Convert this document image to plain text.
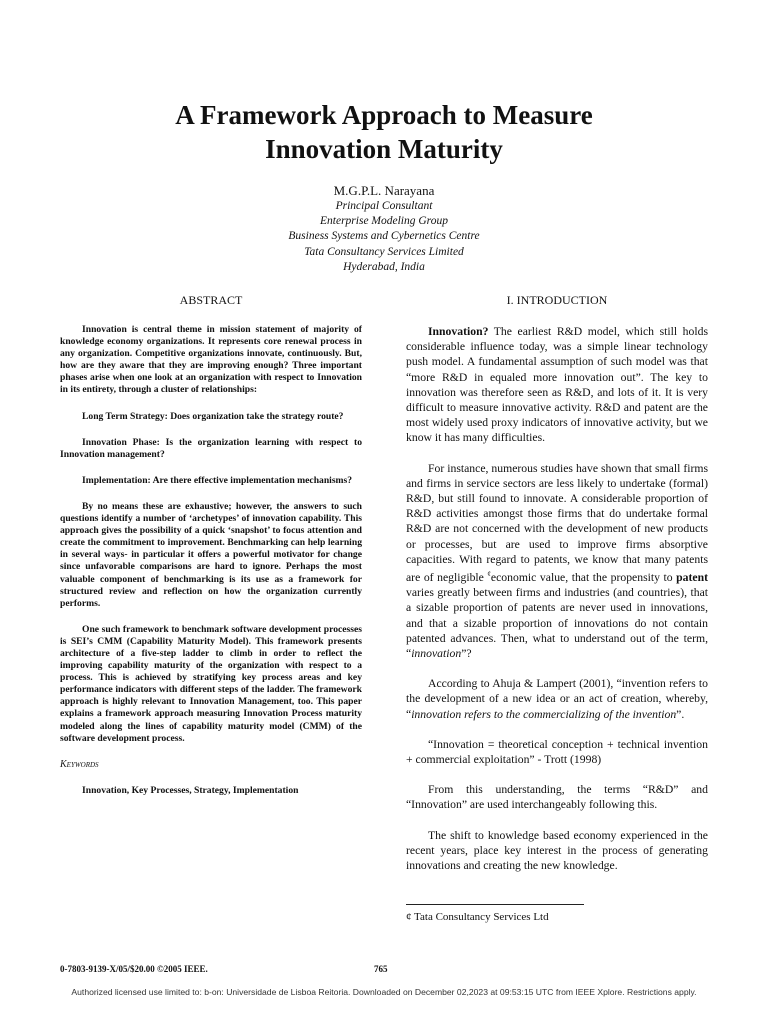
A Framework Approach to Measure
Innovation Maturity
M.G.P.L. Narayana
Principal Consultant
Enterprise Modeling Group
Business Systems and Cybernetics Centre
Tata Consultancy Services Limited
Hyderabad, India
ABSTRACT

Innovation is central theme in mission statement of majority of knowledge economy organizations. It represents core renewal process in any organization. Competitive organizations innovate, continuously. But, how are they aware that they are improving enough? Three important phases arise when one look at an organization with respect to Innovation in its entirety, through a cluster of relationships:

Long Term Strategy: Does organization take the strategy route?

Innovation Phase: Is the organization learning with respect to Innovation management?

Implementation: Are there effective implementation mechanisms?

By no means these are exhaustive; however, the answers to such questions identify a number of ‘archetypes’ of innovation capability. This approach gives the possibility of a quick ‘snapshot’ to focus attention and create the commitment to improvement. Benchmarking can help learning in several ways- in particular it offers a powerful motivator for change since unfavorable comparisons are hard to ignore. Perhaps the most valuable component of benchmarking is its use as a framework for structured review and reflection on how the organization currently performs.

One such framework to benchmark software development processes is SEI’s CMM (Capability Maturity Model). This framework presents architecture of a five-step ladder to climb in order to reflect the improving capability maturity of the organization with respect to a process. This is achieved by stratifying key process areas and key performance indicators with different steps of the ladder. The framework approach is highly relevant to Innovation Management, too. This paper explains a framework approach measuring Innovation Process maturity modeled along the lines of capability maturity model (CMM) of the software development process.

Keywords
Innovation, Key Processes, Strategy, Implementation
I. INTRODUCTION

Innovation? The earliest R&D model, which still holds considerable influence today, was a simple linear technology push model. A fundamental assumption of such model was that “more R&D in equaled more innovation out”. The key to innovation was therefore seen as R&D, and lots of it. It is very difficult to measure innovative activity. R&D and patent are the most widely used proxy indicators of innovative activity, but we know it has many difficulties.

For instance, numerous studies have shown that small firms and firms in service sectors are less likely to undertake (formal) R&D, but still found to innovate. A considerable proportion of R&D activities amongst those firms that do undertake formal R&D are not concerned with the development of new products or processes, but are used to improve firms absorptive capacities. With regard to patents, we know that many patents are of negligible ¢economic value, that the propensity to patent varies greatly between firms and industries (and countries), that a sizable proportion of patents are never used in innovations, and that a sizable proportion of innovations do not contain patented advances. Then, what to understand out of the term, “innovation”?

According to Ahuja & Lampert (2001), “invention refers to the development of a new idea or an act of creation, whereby, “innovation refers to the commercializing of the invention”.

“Innovation = theoretical conception + technical invention + commercial exploitation” - Trott (1998)

From this understanding, the terms “R&D” and “Innovation” are used interchangeably following this.

The shift to knowledge based economy experienced in the recent years, place key interest in the process of generating innovations and creating the new knowledge.

¢ Tata Consultancy Services Ltd
0-7803-9139-X/05/$20.00 ©2005 IEEE.	765
Authorized licensed use limited to: b-on: Universidade de Lisboa Reitoria. Downloaded on December 02,2023 at 09:53:15 UTC from IEEE Xplore. Restrictions apply.
